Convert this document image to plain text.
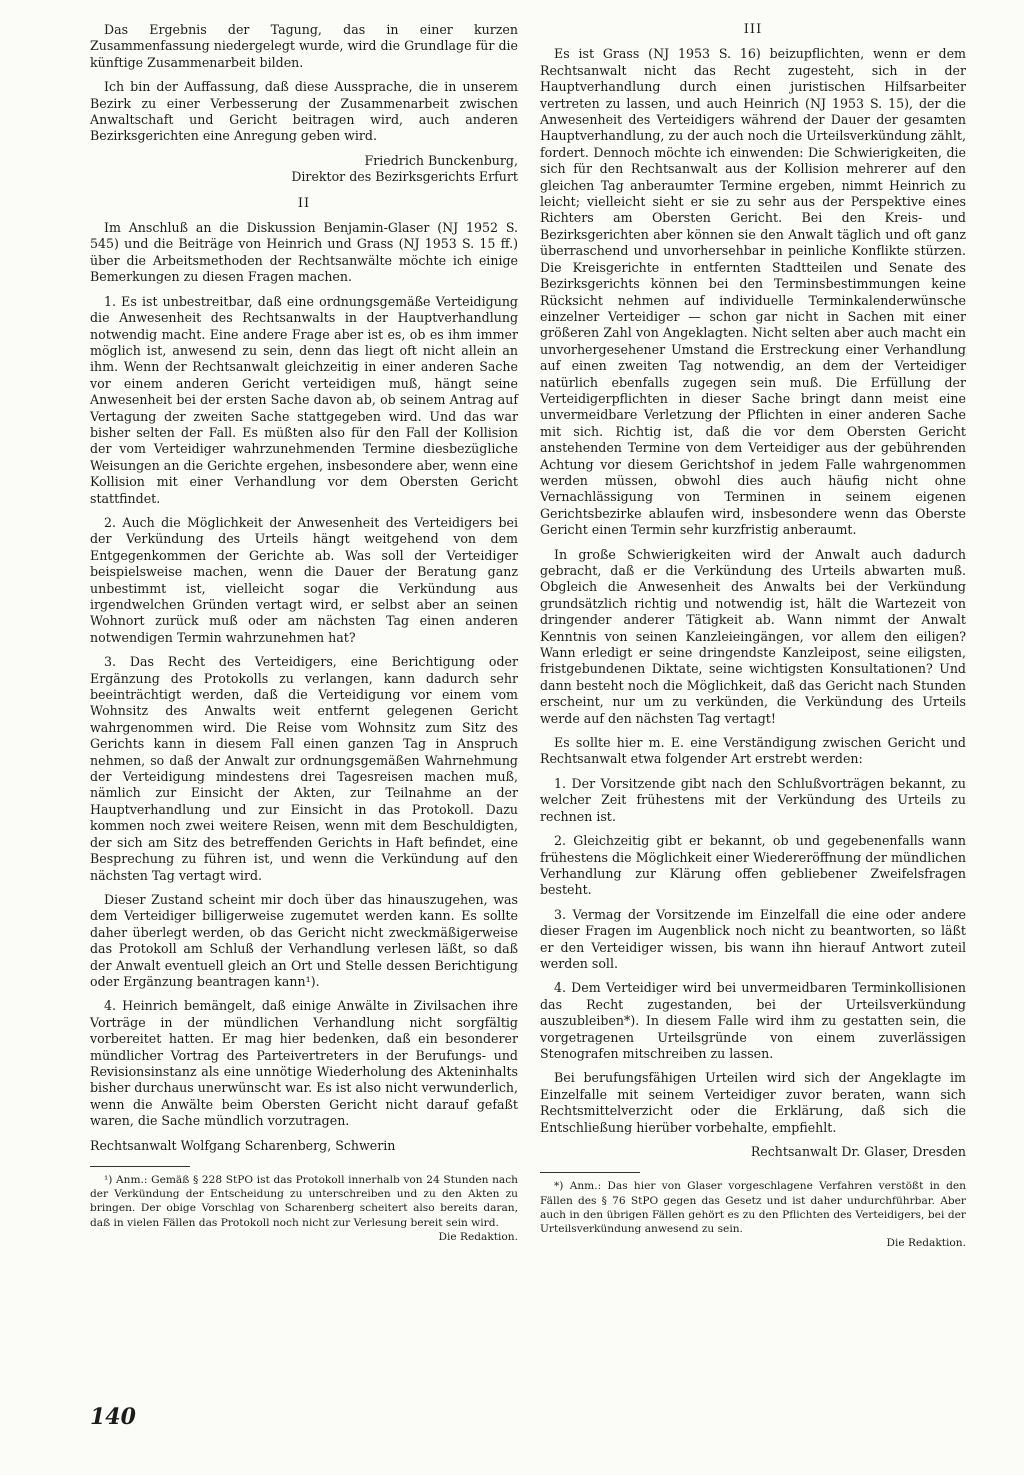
Das Ergebnis der Tagung, das in einer kurzen Zusammenfassung niedergelegt wurde, wird die Grundlage für die künftige Zusammenarbeit bilden.

Ich bin der Auffassung, daß diese Aussprache, die in unserem Bezirk zu einer Verbesserung der Zusammenarbeit zwischen Anwaltschaft und Gericht beitragen wird, auch anderen Bezirksgerichten eine Anregung geben wird.

Friedrich Bunckenburg,
Direktor des Bezirksgerichts Erfurt
II

Im Anschluß an die Diskussion Benjamin-Glaser (NJ 1952 S. 545) und die Beiträge von Heinrich und Grass (NJ 1953 S. 15 ff.) über die Arbeitsmethoden der Rechtsanwälte möchte ich einige Bemerkungen zu diesen Fragen machen.

1. Es ist unbestreitbar, daß eine ordnungsgemäße Verteidigung die Anwesenheit des Rechtsanwalts in der Hauptverhandlung notwendig macht. Eine andere Frage aber ist es, ob es ihm immer möglich ist, anwesend zu sein, denn das liegt oft nicht allein an ihm. Wenn der Rechtsanwalt gleichzeitig in einer anderen Sache vor einem anderen Gericht verteidigen muß, hängt seine Anwesenheit bei der ersten Sache davon ab, ob seinem Antrag auf Vertagung der zweiten Sache stattgegeben wird. Und das war bisher selten der Fall. Es müßten also für den Fall der Kollision der vom Verteidiger wahrzunehmenden Termine diesbezügliche Weisungen an die Gerichte ergehen, insbesondere aber, wenn eine Kollision mit einer Verhandlung vor dem Obersten Gericht stattfindet.

2. Auch die Möglichkeit der Anwesenheit des Verteidigers bei der Verkündung des Urteils hängt weitgehend von dem Entgegenkommen der Gerichte ab. Was soll der Verteidiger beispielsweise machen, wenn die Dauer der Beratung ganz unbestimmt ist, vielleicht sogar die Verkündung aus irgendwelchen Gründen vertagt wird, er selbst aber an seinen Wohnort zurück muß oder am nächsten Tag einen anderen notwendigen Termin wahrzunehmen hat?

3. Das Recht des Verteidigers, eine Berichtigung oder Ergänzung des Protokolls zu verlangen, kann dadurch sehr beeinträchtigt werden, daß die Verteidigung vor einem vom Wohnsitz des Anwalts weit entfernt gelegenen Gericht wahrgenommen wird. Die Reise vom Wohnsitz zum Sitz des Gerichts kann in diesem Fall einen ganzen Tag in Anspruch nehmen, so daß der Anwalt zur ordnungsgemäßen Wahrnehmung der Verteidigung mindestens drei Tagesreisen machen muß, nämlich zur Einsicht der Akten, zur Teilnahme an der Hauptverhandlung und zur Einsicht in das Protokoll. Dazu kommen noch zwei weitere Reisen, wenn mit dem Beschuldigten, der sich am Sitz des betreffenden Gerichts in Haft befindet, eine Besprechung zu führen ist, und wenn die Verkündung auf den nächsten Tag vertagt wird.

Dieser Zustand scheint mir doch über das hinauszugehen, was dem Verteidiger billigerweise zugemutet werden kann. Es sollte daher überlegt werden, ob das Gericht nicht zweckmäßigerweise das Protokoll am Schluß der Verhandlung verlesen läßt, so daß der Anwalt eventuell gleich an Ort und Stelle dessen Berichtigung oder Ergänzung beantragen kann¹).

4. Heinrich bemängelt, daß einige Anwälte in Zivilsachen ihre Vorträge in der mündlichen Verhandlung nicht sorgfältig vorbereitet hatten. Er mag hier bedenken, daß ein besonderer mündlicher Vortrag des Parteivertreters in der Berufungs- und Revisionsinstanz als eine unnötige Wiederholung des Akteninhalts bisher durchaus unerwünscht war. Es ist also nicht verwunderlich, wenn die Anwälte beim Obersten Gericht nicht darauf gefaßt waren, die Sache mündlich vorzutragen.

Rechtsanwalt Wolfgang Scharenberg, Schwerin

¹) Anm.: Gemäß § 228 StPO ist das Protokoll innerhalb von 24 Stunden nach der Verkündung der Entscheidung zu unterschreiben und zu den Akten zu bringen. Der obige Vorschlag von Scharenberg scheitert also bereits daran, daß in vielen Fällen das Protokoll noch nicht zur Verlesung bereit sein wird.
Die Redaktion.

III

Es ist Grass (NJ 1953 S. 16) beizupflichten, wenn er dem Rechtsanwalt nicht das Recht zugesteht, sich in der Hauptverhandlung durch einen juristischen Hilfsarbeiter vertreten zu lassen, und auch Heinrich (NJ 1953 S. 15), der die Anwesenheit des Verteidigers während der Dauer der gesamten Hauptverhandlung, zu der auch noch die Urteilsverkündung zählt, fordert. Dennoch möchte ich einwenden: Die Schwierigkeiten, die sich für den Rechtsanwalt aus der Kollision mehrerer auf den gleichen Tag anberaumter Termine ergeben, nimmt Heinrich zu leicht; vielleicht sieht er sie zu sehr aus der Perspektive eines Richters am Obersten Gericht. Bei den Kreis- und Bezirksgerichten aber können sie den Anwalt täglich und oft ganz überraschend und unvorhersehbar in peinliche Konflikte stürzen. Die Kreisgerichte in entfernten Stadtteilen und Senate des Bezirksgerichts können bei den Terminsbestimmungen keine Rücksicht nehmen auf individuelle Terminkalenderwünsche einzelner Verteidiger — schon gar nicht in Sachen mit einer größeren Zahl von Angeklagten. Nicht selten aber auch macht ein unvorhergesehener Umstand die Erstreckung einer Verhandlung auf einen zweiten Tag notwendig, an dem der Verteidiger natürlich ebenfalls zugegen sein muß. Die Erfüllung der Verteidigerpflichten in dieser Sache bringt dann meist eine unvermeidbare Verletzung der Pflichten in einer anderen Sache mit sich. Richtig ist, daß die vor dem Obersten Gericht anstehenden Termine von dem Verteidiger aus der gebührenden Achtung vor diesem Gerichtshof in jedem Falle wahrgenommen werden müssen, obwohl dies auch häufig nicht ohne Vernachlässigung von Terminen in seinem eigenen Gerichtsbezirke ablaufen wird, insbesondere wenn das Oberste Gericht einen Termin sehr kurzfristig anberaumt.

In große Schwierigkeiten wird der Anwalt auch dadurch gebracht, daß er die Verkündung des Urteils abwarten muß. Obgleich die Anwesenheit des Anwalts bei der Verkündung grundsätzlich richtig und notwendig ist, hält die Wartezeit von dringender anderer Tätigkeit ab. Wann nimmt der Anwalt Kenntnis von seinen Kanzleieingängen, vor allem den eiligen? Wann erledigt er seine dringendste Kanzleipost, seine eiligsten, fristgebundenen Diktate, seine wichtigsten Konsultationen? Und dann besteht noch die Möglichkeit, daß das Gericht nach Stunden erscheint, nur um zu verkünden, die Verkündung des Urteils werde auf den nächsten Tag vertagt!

Es sollte hier m. E. eine Verständigung zwischen Gericht und Rechtsanwalt etwa folgender Art erstrebt werden:

1. Der Vorsitzende gibt nach den Schlußvorträgen bekannt, zu welcher Zeit frühestens mit der Verkündung des Urteils zu rechnen ist.

2. Gleichzeitig gibt er bekannt, ob und gegebenenfalls wann frühestens die Möglichkeit einer Wiedereröffnung der mündlichen Verhandlung zur Klärung offen gebliebener Zweifelsfragen besteht.

3. Vermag der Vorsitzende im Einzelfall die eine oder andere dieser Fragen im Augenblick noch nicht zu beantworten, so läßt er den Verteidiger wissen, bis wann ihn hierauf Antwort zuteil werden soll.

4. Dem Verteidiger wird bei unvermeidbaren Terminkollisionen das Recht zugestanden, bei der Urteilsverkündung auszubleiben*). In diesem Falle wird ihm zu gestatten sein, die vorgetragenen Urteilsgründe von einem zuverlässigen Stenografen mitschreiben zu lassen.

Bei berufungsfähigen Urteilen wird sich der Angeklagte im Einzelfalle mit seinem Verteidiger zuvor beraten, wann sich Rechtsmittelverzicht oder die Erklärung, daß sich die Entschließung hierüber vorbehalte, empfiehlt.

Rechtsanwalt Dr. Glaser, Dresden

*) Anm.: Das hier von Glaser vorgeschlagene Verfahren verstößt in den Fällen des § 76 StPO gegen das Gesetz und ist daher undurchführbar. Aber auch in den übrigen Fällen gehört es zu den Pflichten des Verteidigers, bei der Urteilsverkündung anwesend zu sein.
Die Redaktion.

140
